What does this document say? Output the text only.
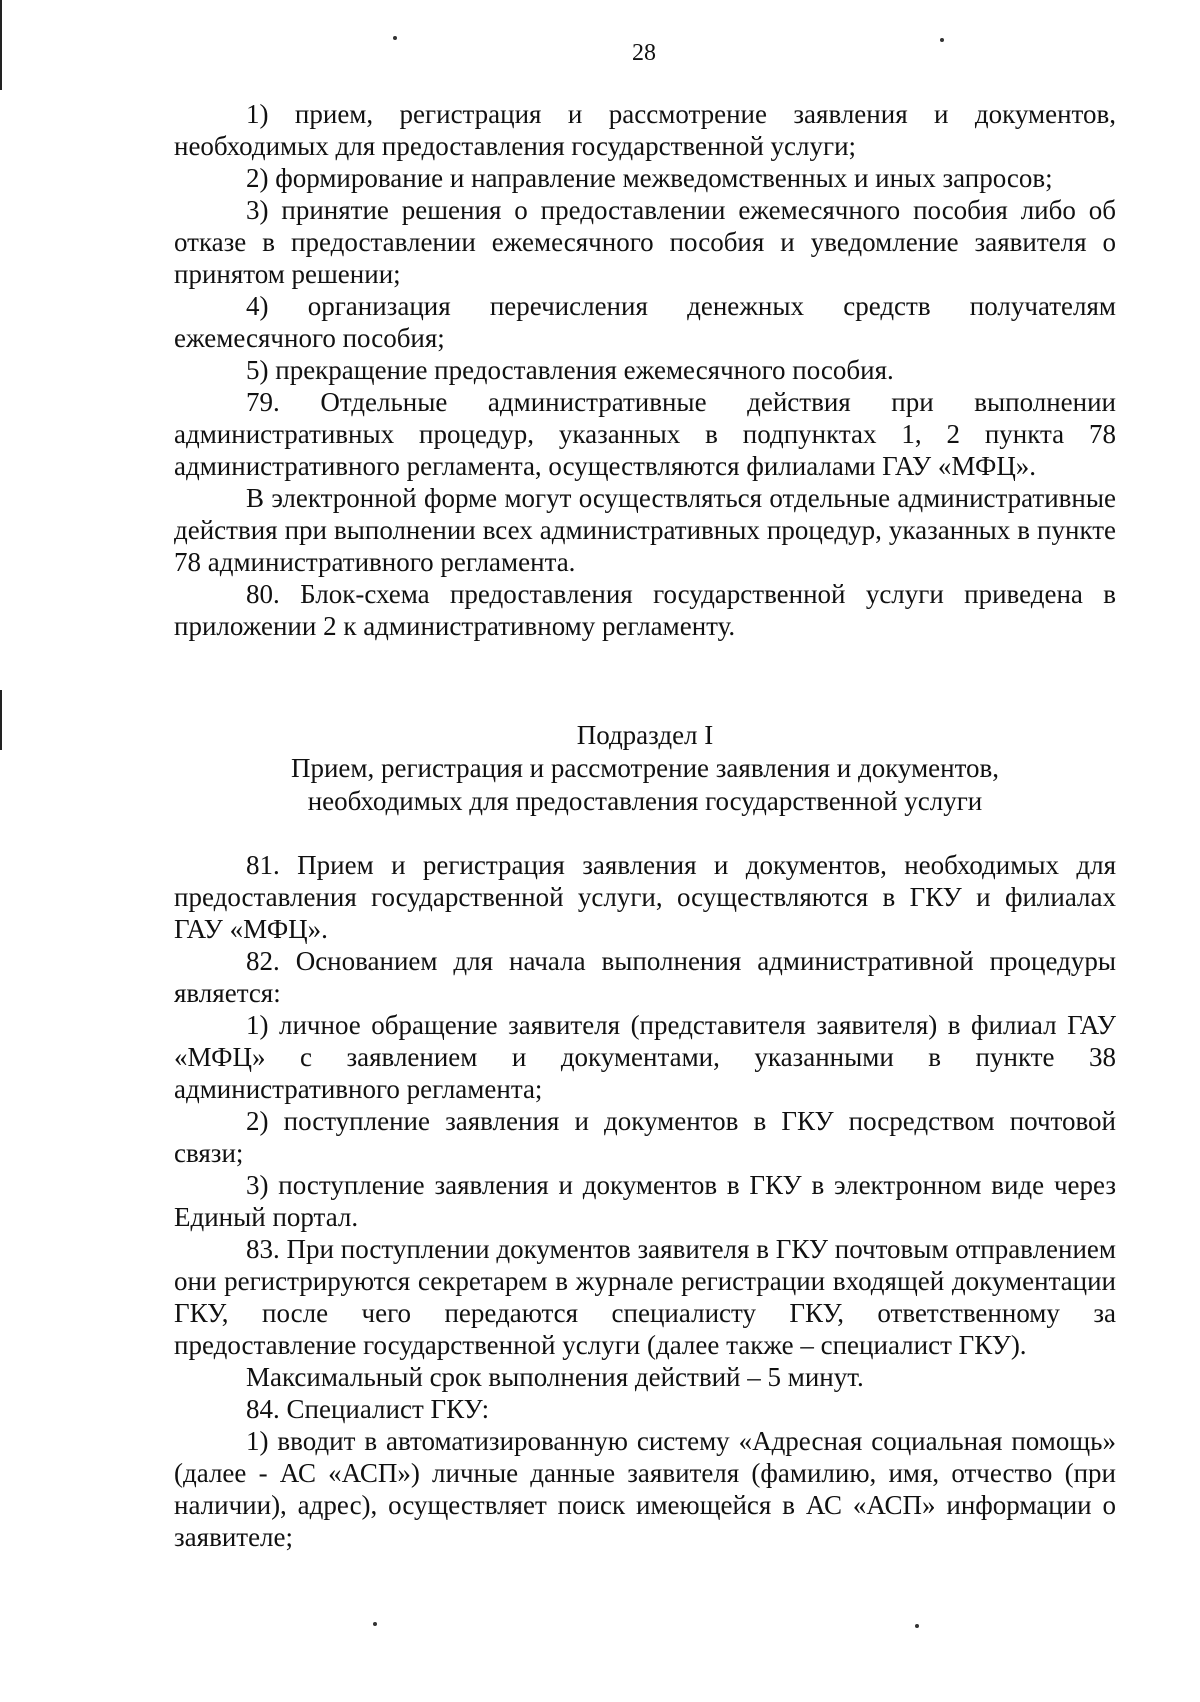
28

1) прием, регистрация и рассмотрение заявления и документов, необходимых для предоставления государственной услуги;

2) формирование и направление межведомственных и иных запросов;

3) принятие решения о предоставлении ежемесячного пособия либо об отказе в предоставлении ежемесячного пособия и уведомление заявителя о принятом решении;

4) организация перечисления денежных средств получателям ежемесячного пособия;

5) прекращение предоставления ежемесячного пособия.

79. Отдельные административные действия при выполнении административных процедур, указанных в подпунктах 1, 2 пункта 78 административного регламента, осуществляются филиалами ГАУ «МФЦ».

В электронной форме могут осуществляться отдельные административные действия при выполнении всех административных процедур, указанных в пункте 78 административного регламента.

80. Блок-схема предоставления государственной услуги приведена в приложении 2 к административному регламенту.

Подраздел I
Прием, регистрация и рассмотрение заявления и документов,
необходимых для предоставления государственной услуги

81. Прием и регистрация заявления и документов, необходимых для предоставления государственной услуги, осуществляются в ГКУ и филиалах ГАУ «МФЦ».

82. Основанием для начала выполнения административной процедуры является:

1) личное обращение заявителя (представителя заявителя) в филиал ГАУ «МФЦ» с заявлением и документами, указанными в пункте 38 административного регламента;

2) поступление заявления и документов в ГКУ посредством почтовой связи;

3) поступление заявления и документов в ГКУ в электронном виде через Единый портал.

83. При поступлении документов заявителя в ГКУ почтовым отправлением они регистрируются секретарем в журнале регистрации входящей документации ГКУ, после чего передаются специалисту ГКУ, ответственному за предоставление государственной услуги (далее также – специалист ГКУ).

Максимальный срок выполнения действий – 5 минут.

84. Специалист ГКУ:

1) вводит в автоматизированную систему «Адресная социальная помощь» (далее - АС «АСП») личные данные заявителя (фамилию, имя, отчество (при наличии), адрес), осуществляет поиск имеющейся в АС «АСП» информации о заявителе;
